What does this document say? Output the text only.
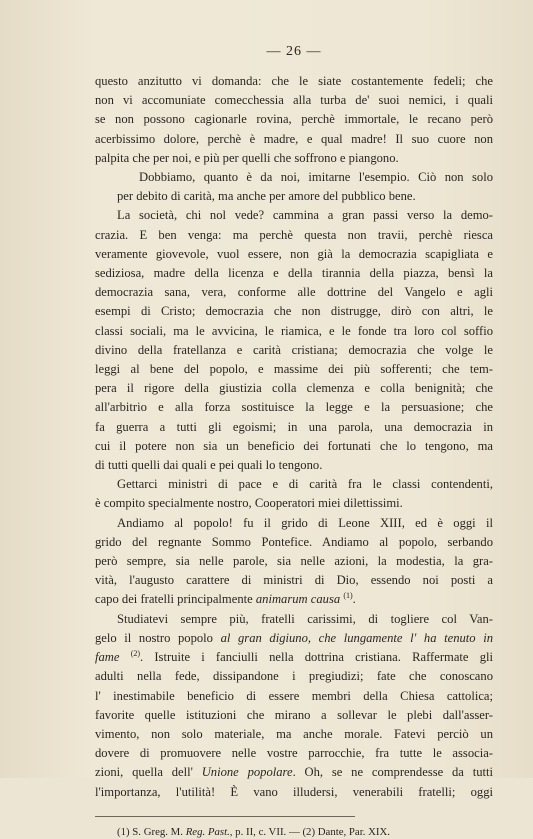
— 26 —

questo anzitutto vi domanda: che le siate costantemente fedeli; che
non vi accomuniate comecchessia alla turba de' suoi nemici, i quali
se non possono cagionarle rovina, perchè immortale, le recano però
acerbissimo dolore, perchè è madre, e qual madre! Il suo cuore non
palpita che per noi, e più per quelli che soffrono e piangono.

Dobbiamo, quanto è da noi, imitarne l'esempio. Ciò non solo
per debito di carità, ma anche per amore del pubblico bene.

La società, chi nol vede? cammina a gran passi verso la demo-
crazia. E ben venga: ma perchè questa non travii, perchè riesca
veramente giovevole, vuol essere, non già la democrazia scapigliata e
sediziosa, madre della licenza e della tirannia della piazza, bensì la
democrazia sana, vera, conforme alle dottrine del Vangelo e agli
esempi di Cristo; democrazia che non distrugge, dirò con altri, le
classi sociali, ma le avvicina, le riamica, e le fonde tra loro col soffio
divino della fratellanza e carità cristiana; democrazia che volge le
leggi al bene del popolo, e massime dei più sofferenti; che tem-
pera il rigore della giustizia colla clemenza e colla benignità; che
all'arbitrio e alla forza sostituisce la legge e la persuasione; che
fa guerra a tutti gli egoismi; in una parola, una democrazia in
cui il potere non sia un beneficio dei fortunati che lo tengono, ma
di tutti quelli dai quali e pei quali lo tengono.

Gettarci ministri di pace e di carità fra le classi contendenti,
è compito specialmente nostro, Cooperatori miei dilettissimi.

Andiamo al popolo! fu il grido di Leone XIII, ed è oggi il
grido del regnante Sommo Pontefice. Andiamo al popolo, serbando
però sempre, sia nelle parole, sia nelle azioni, la modestia, la gra-
vità, l'augusto carattere di ministri di Dio, essendo noi posti a
capo dei fratelli principalmente animarum causa $^{(1)}$.

Studiatevi sempre più, fratelli carissimi, di togliere col Van-
gelo il nostro popolo al gran digiuno, che lungamente l' ha tenuto in
fame $^{(2)}$. Istruite i fanciulli nella dottrina cristiana. Raffermate gli
adulti nella fede, dissipandone i pregiudizi; fate che conoscano
l' inestimabile beneficio di essere membri della Chiesa cattolica;
favorite quelle istituzioni che mirano a sollevar le plebi dall'asser-
vimento, non solo materiale, ma anche morale. Fatevi perciò un
dovere di promuovere nelle vostre parrocchie, fra tutte le associa-
zioni, quella dell' Unione popolare. Oh, se ne comprendesse da tutti
l'importanza, l'utilità! È vano illudersi, venerabili fratelli; oggi

(1) S. Greg. M. Reg. Past., p. II, c. VII. — (2) Dante, Par. XIX.
